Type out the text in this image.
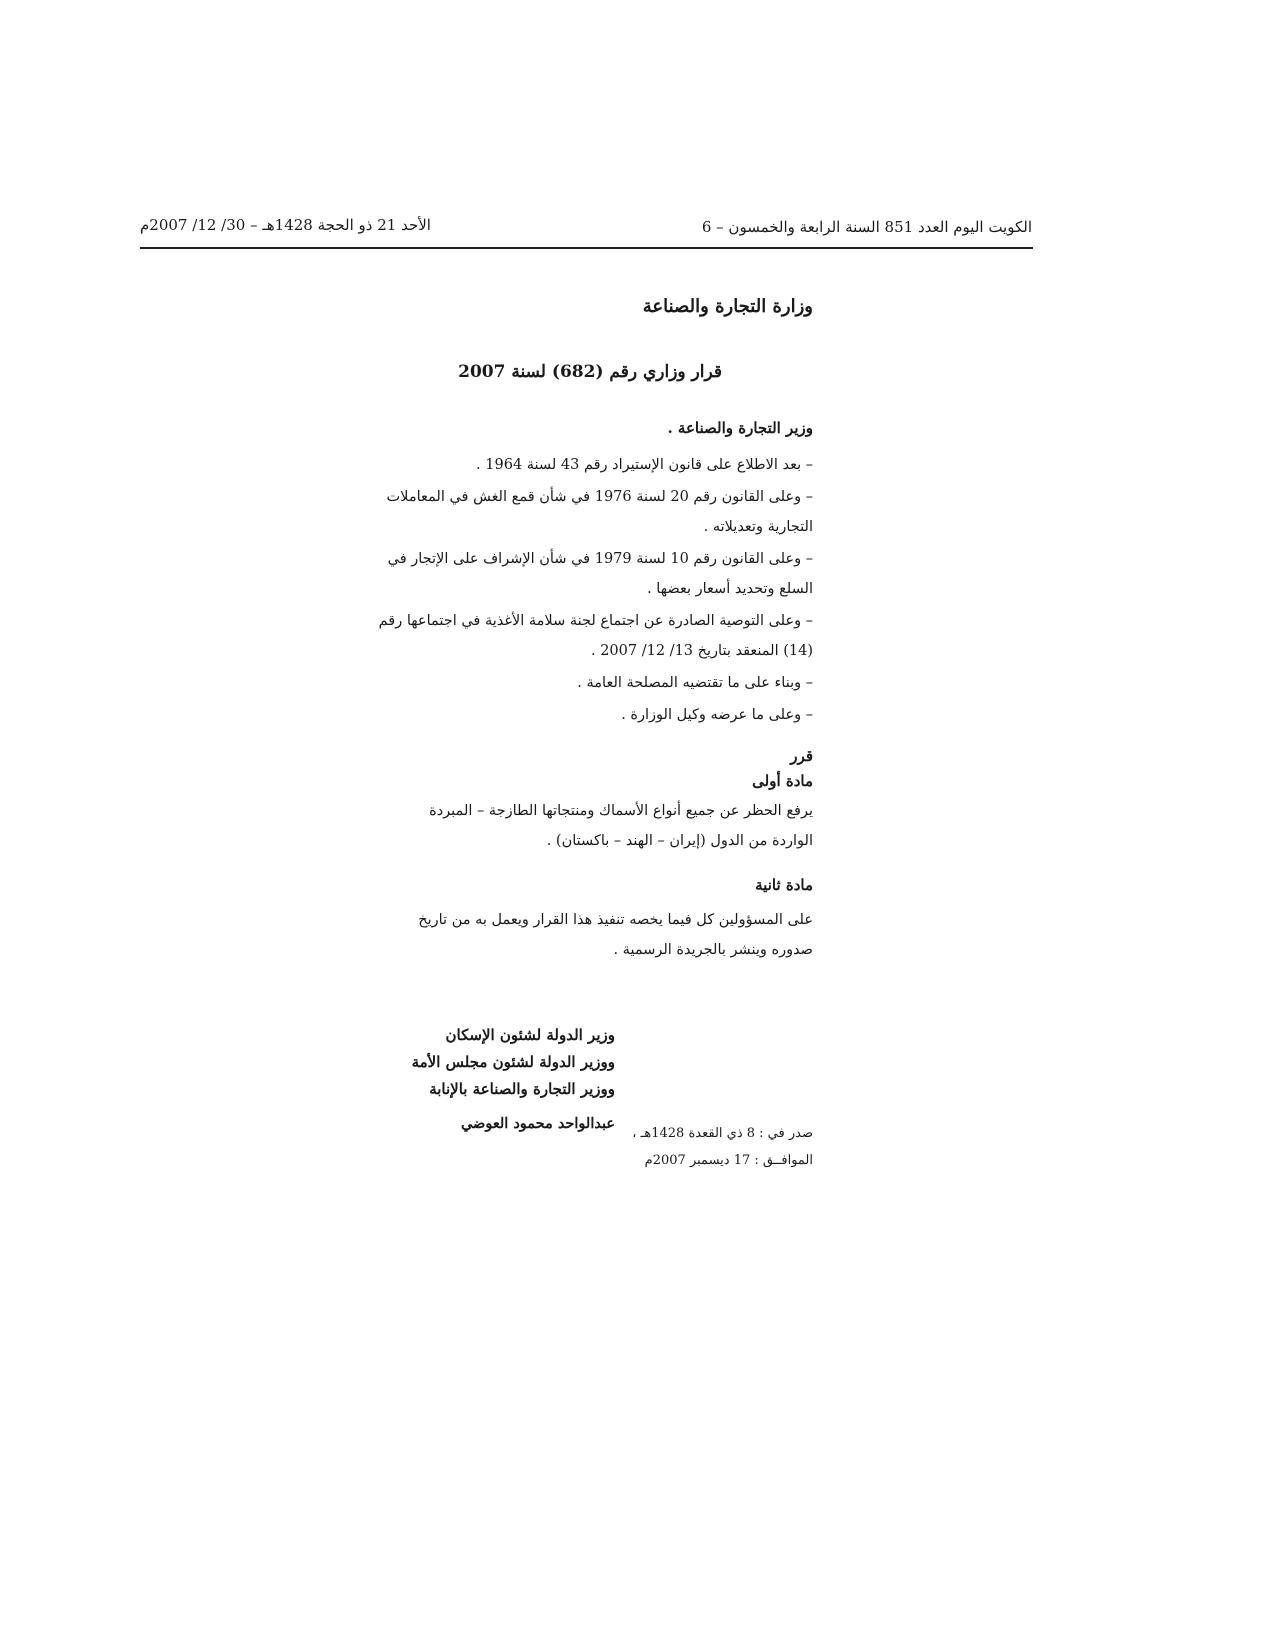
الكويت اليوم العدد 851 السنة الرابعة والخمسون – 6
الأحد 21 ذو الحجة 1428هـ – 30/ 12/ 2007م
وزارة التجارة والصناعة
قرار وزاري رقم (682) لسنة 2007
وزير التجارة والصناعة .
– بعد الاطلاع على قانون الإستيراد رقم 43 لسنة 1964 .
– وعلى القانون رقم 20 لسنة 1976 في شأن قمع الغش في المعاملات التجارية وتعديلاته .
– وعلى القانون رقم 10 لسنة 1979 في شأن الإشراف على الإتجار في السلع وتحديد أسعار بعضها .
– وعلى التوصية الصادرة عن اجتماع لجنة سلامة الأغذية في اجتماعها رقم (14) المنعقد بتاريخ 13/ 12/ 2007 .
– وبناء على ما تقتضيه المصلحة العامة .
– وعلى ما عرضه وكيل الوزارة .
قرر
مادة أولى
يرفع الحظر عن جميع أنواع الأسماك ومنتجاتها الطازجة – المبردة الواردة من الدول (إيران – الهند – باكستان) .
مادة ثانية
على المسؤولين كل فيما يخصه تنفيذ هذا القرار ويعمل به من تاريخ صدوره وينشر بالجريدة الرسمية .
وزير الدولة لشئون الإسكان
ووزير الدولة لشئون مجلس الأمة
ووزير التجارة والصناعة بالإنابة
عبدالواحد محمود العوضي
صدر في : 8 ذي القعدة 1428هـ ،
الموافــق : 17 ديسمبر 2007م
